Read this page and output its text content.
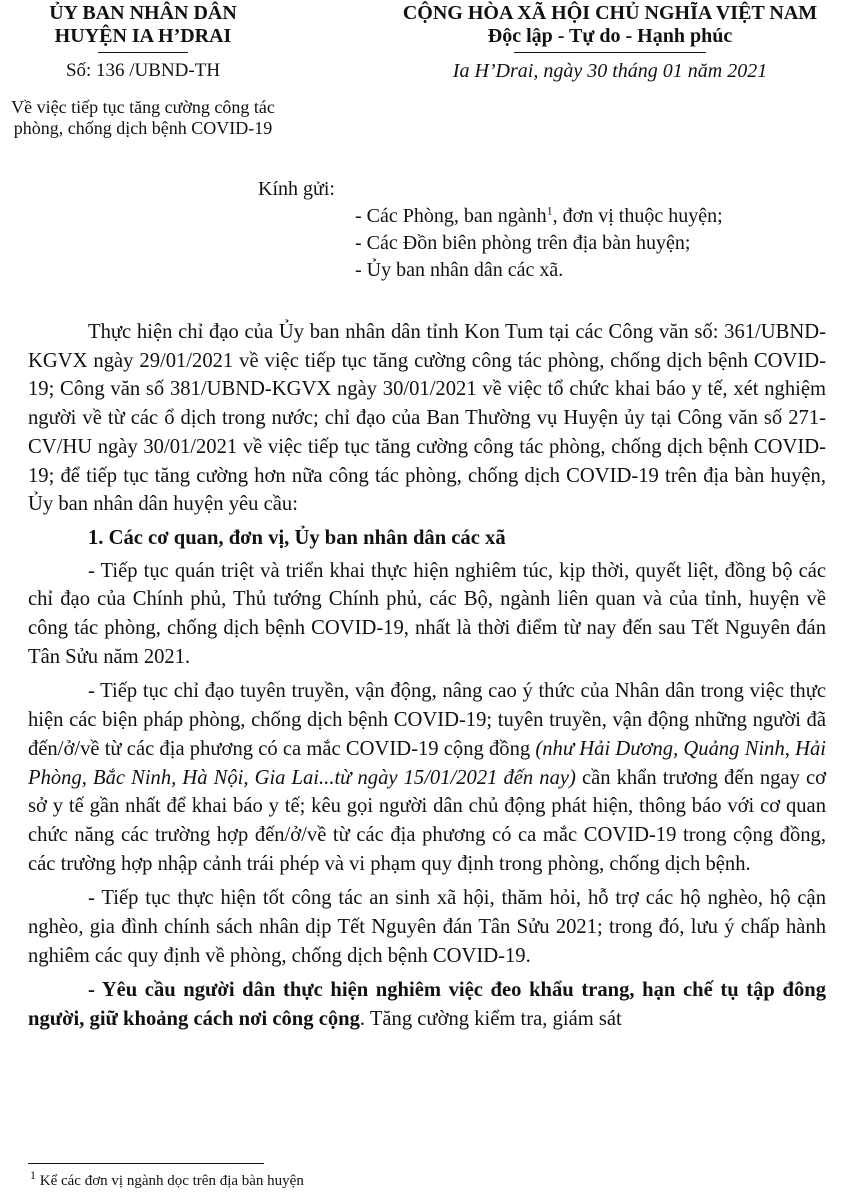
ỦY BAN NHÂN DÂN
HUYỆN IA H’DRAI
Số: 136 /UBND-TH
Về việc tiếp tục tăng cường công tác
phòng, chống dịch bệnh COVID-19
CỘNG HÒA XÃ HỘI CHỦ NGHĨA VIỆT NAM
Độc lập - Tự do - Hạnh phúc
Ia H’Drai, ngày 30 tháng 01 năm 2021
Kính gửi:
- Các Phòng, ban ngành$^1$, đơn vị thuộc huyện;
- Các Đồn biên phòng trên địa bàn huyện;
- Ủy ban nhân dân các xã.

Thực hiện chỉ đạo của Ủy ban nhân dân tỉnh Kon Tum tại các Công văn số: 361/UBND-KGVX ngày 29/01/2021 về việc tiếp tục tăng cường công tác phòng, chống dịch bệnh COVID-19; Công văn số 381/UBND-KGVX ngày 30/01/2021 về việc tổ chức khai báo y tế, xét nghiệm người về từ các ổ dịch trong nước; chỉ đạo của Ban Thường vụ Huyện ủy tại Công văn số 271-CV/HU ngày 30/01/2021 về việc tiếp tục tăng cường công tác phòng, chống dịch bệnh COVID-19; để tiếp tục tăng cường hơn nữa công tác phòng, chống dịch COVID-19 trên địa bàn huyện, Ủy ban nhân dân huyện yêu cầu:

1. Các cơ quan, đơn vị, Ủy ban nhân dân các xã

- Tiếp tục quán triệt và triển khai thực hiện nghiêm túc, kịp thời, quyết liệt, đồng bộ các chỉ đạo của Chính phủ, Thủ tướng Chính phủ, các Bộ, ngành liên quan và của tỉnh, huyện về công tác phòng, chống dịch bệnh COVID-19, nhất là thời điểm từ nay đến sau Tết Nguyên đán Tân Sửu năm 2021.

- Tiếp tục chỉ đạo tuyên truyền, vận động, nâng cao ý thức của Nhân dân trong việc thực hiện các biện pháp phòng, chống dịch bệnh COVID-19; tuyên truyền, vận động những người đã đến/ở/về từ các địa phương có ca mắc COVID-19 cộng đồng (như Hải Dương, Quảng Ninh, Hải Phòng, Bắc Ninh, Hà Nội, Gia Lai...từ ngày 15/01/2021 đến nay) cần khẩn trương đến ngay cơ sở y tế gần nhất để khai báo y tế; kêu gọi người dân chủ động phát hiện, thông báo với cơ quan chức năng các trường hợp đến/ở/về từ các địa phương có ca mắc COVID-19 trong cộng đồng, các trường hợp nhập cảnh trái phép và vi phạm quy định trong phòng, chống dịch bệnh.

- Tiếp tục thực hiện tốt công tác an sinh xã hội, thăm hỏi, hỗ trợ các hộ nghèo, hộ cận nghèo, gia đình chính sách nhân dịp Tết Nguyên đán Tân Sửu 2021; trong đó, lưu ý chấp hành nghiêm các quy định về phòng, chống dịch bệnh COVID-19.

- Yêu cầu người dân thực hiện nghiêm việc đeo khẩu trang, hạn chế tụ tập đông người, giữ khoảng cách nơi công cộng. Tăng cường kiểm tra, giám sát

$^1$ Kể các đơn vị ngành dọc trên địa bàn huyện
